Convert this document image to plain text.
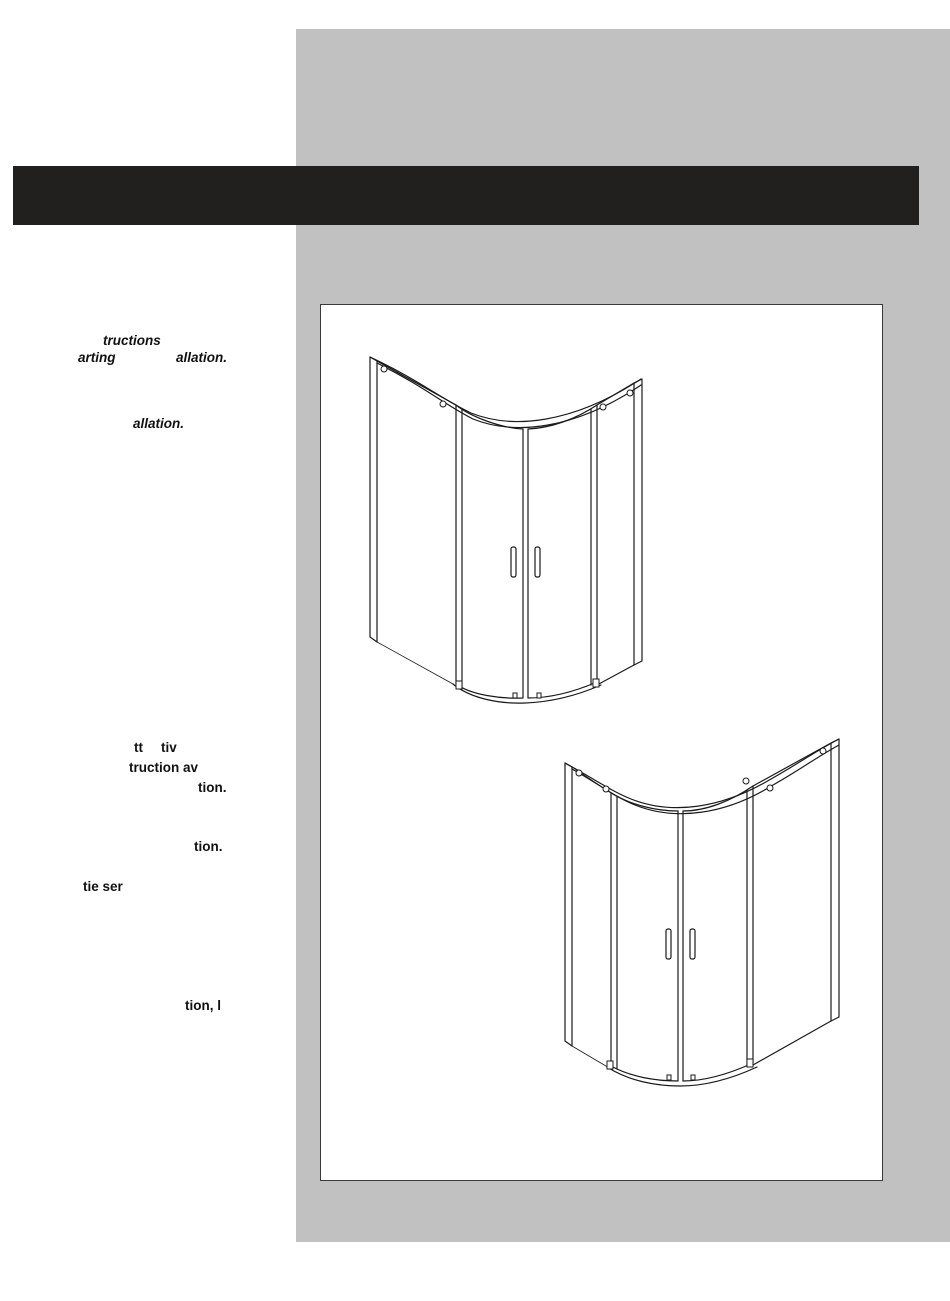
tructions
arting	allation.
allation.
tt tiv
truction av
tion.
tion.
tie ser
tion, l
